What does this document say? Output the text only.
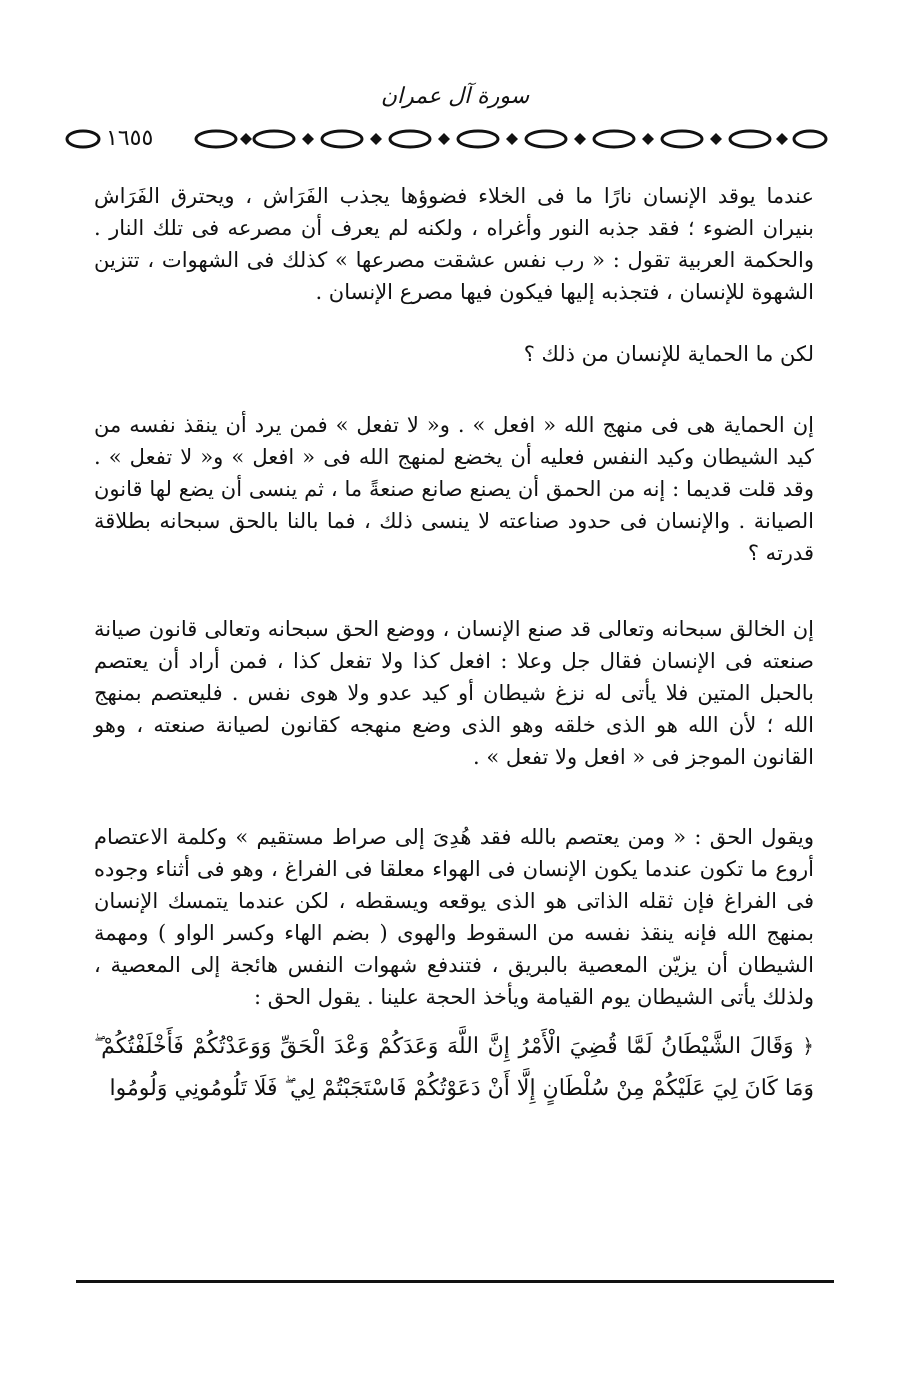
سورة آل عمران
١٦٥٥

عندما يوقد الإنسان نارًا ما فى الخلاء فضوؤها يجذب الفَرَاش ، ويحترق الفَرَاش بنيران الضوء ؛ فقد جذبه النور وأغراه ، ولكنه لم يعرف أن مصرعه فى تلك النار . والحكمة العربية تقول : « رب نفس عشقت مصرعها » كذلك فى الشهوات ، تتزين الشهوة للإنسان ، فتجذبه إليها فيكون فيها مصرع الإنسان .

لكن ما الحماية للإنسان من ذلك ؟

إن الحماية هى فى منهج الله « افعل » . و« لا تفعل » فمن يرد أن ينقذ نفسه من كيد الشيطان وكيد النفس فعليه أن يخضع لمنهج الله فى « افعل » و« لا تفعل » . وقد قلت قديما : إنه من الحمق أن يصنع صانع صنعةً ما ، ثم ينسى أن يضع لها قانون الصيانة . والإنسان فى حدود صناعته لا ينسى ذلك ، فما بالنا بالحق سبحانه بطلاقة قدرته ؟

إن الخالق سبحانه وتعالى قد صنع الإنسان ، ووضع الحق سبحانه وتعالى قانون صيانة صنعته فى الإنسان فقال جل وعلا : افعل كذا ولا تفعل كذا ، فمن أراد أن يعتصم بالحبل المتين فلا يأتى له نزغ شيطان أو كيد عدو ولا هوى نفس . فليعتصم بمنهج الله ؛ لأن الله هو الذى خلقه وهو الذى وضع منهجه كقانون لصيانة صنعته ، وهو القانون الموجز فى « افعل ولا تفعل » .

ويقول الحق : « ومن يعتصم بالله فقد هُدِىَ إلى صراط مستقيم » وكلمة الاعتصام أروع ما تكون عندما يكون الإنسان فى الهواء معلقا فى الفراغ ، وهو فى أثناء وجوده فى الفراغ فإن ثقله الذاتى هو الذى يوقعه ويسقطه ، لكن عندما يتمسك الإنسان بمنهج الله فإنه ينقذ نفسه من السقوط والهوى ( بضم الهاء وكسر الواو ) ومهمة الشيطان أن يزيّن المعصية بالبريق ، فتندفع شهوات النفس هائجة إلى المعصية ، ولذلك يأتى الشيطان يوم القيامة ويأخذ الحجة علينا . يقول الحق :

﴿ وَقَالَ الشَّيْطَانُ لَمَّا قُضِيَ الْأَمْرُ إِنَّ اللَّهَ وَعَدَكُمْ وَعْدَ الْحَقِّ وَوَعَدْتُكُمْ فَأَخْلَفْتُكُمْ ۖ وَمَا كَانَ لِيَ عَلَيْكُمْ مِنْ سُلْطَانٍ إِلَّا أَنْ دَعَوْتُكُمْ فَاسْتَجَبْتُمْ لِي ۖ فَلَا تَلُومُونِي وَلُومُوا
